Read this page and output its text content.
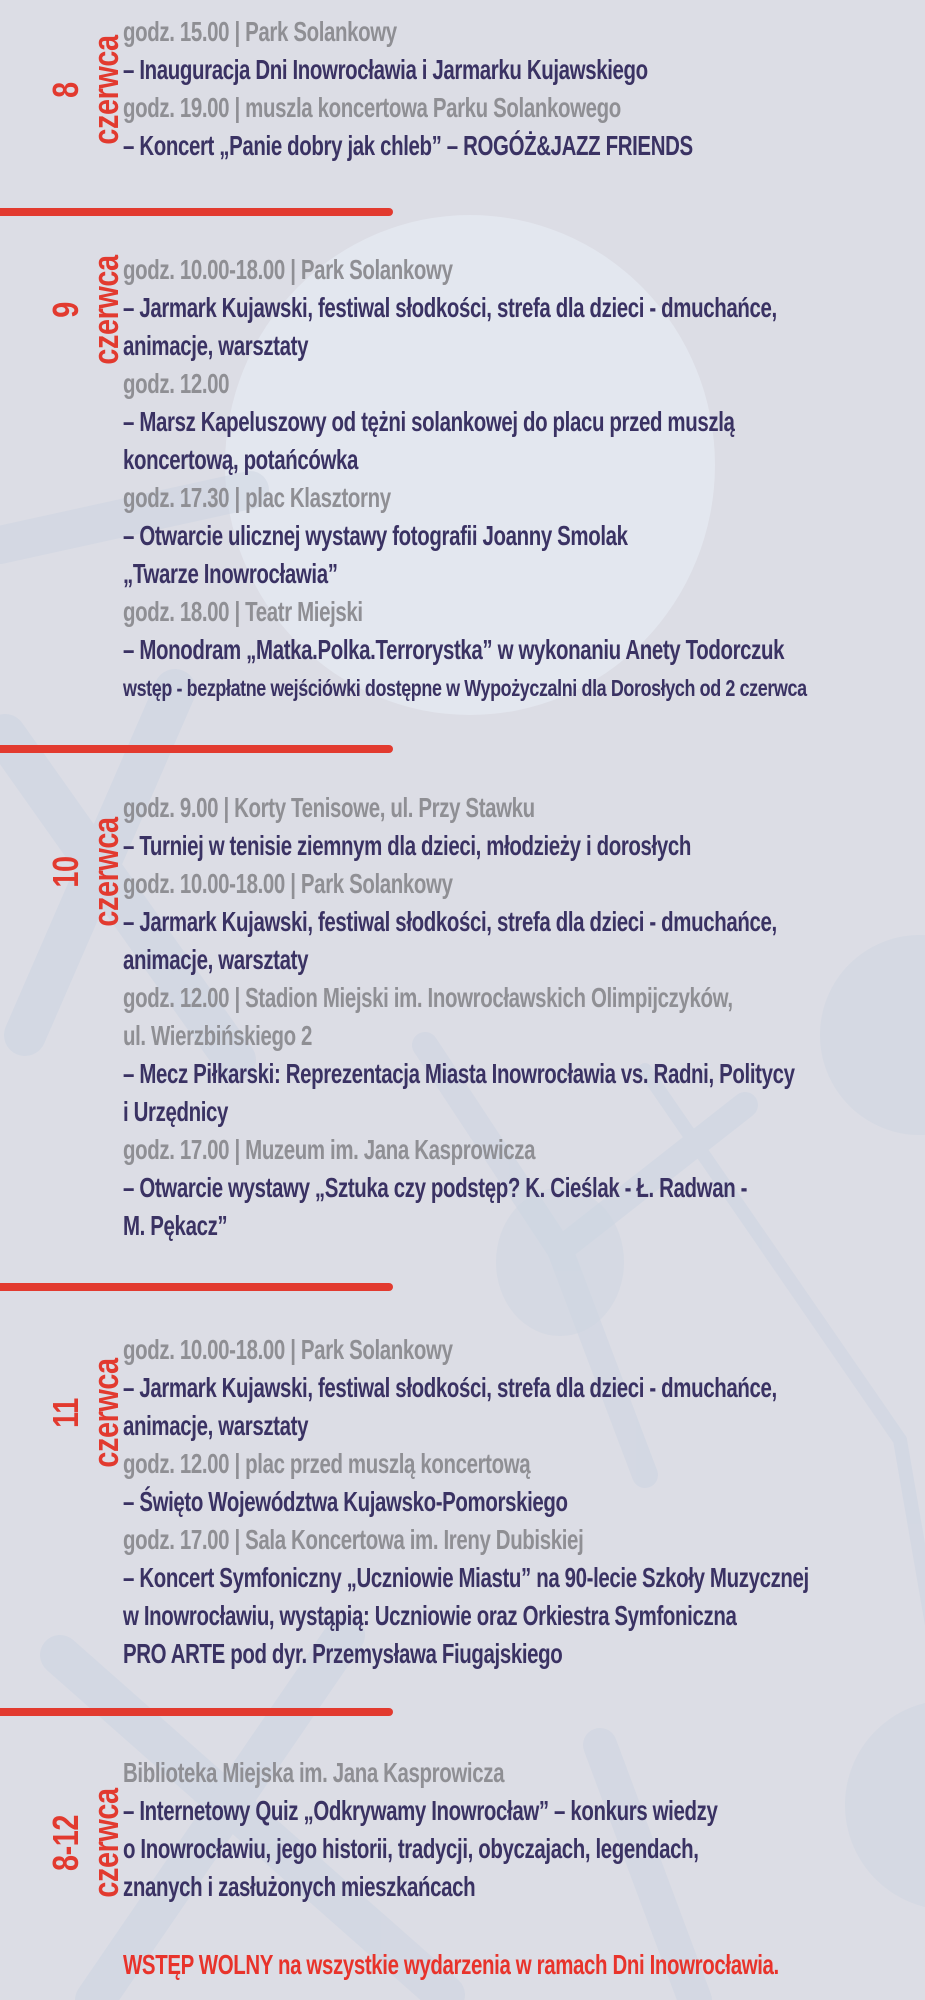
WSTĘP WOLNY na wszystkie wydarzenia w ramach Dni Inowrocławia.
8 czerwca
godz. 15.00 | Park Solankowy
– Inauguracja Dni Inowrocławia i Jarmarku Kujawskiego
godz. 19.00 | muszla koncertowa Parku Solankowego
– Koncert „Panie dobry jak chleb” – ROGÓŻ&JAZZ FRIENDS
9 czerwca
godz. 10.00-18.00 | Park Solankowy
– Jarmark Kujawski, festiwal słodkości, strefa dla dzieci - dmuchańce,
animacje, warsztaty
godz. 12.00
– Marsz Kapeluszowy od tężni solankowej do placu przed muszlą
koncertową, potańcówka
godz. 17.30 | plac Klasztorny
– Otwarcie ulicznej wystawy fotografii Joanny Smolak
„Twarze Inowrocławia”
godz. 18.00 | Teatr Miejski
– Monodram „Matka.Polka.Terrorystka” w wykonaniu Anety Todorczuk
wstęp - bezpłatne wejściówki dostępne w Wypożyczalni dla Dorosłych od 2 czerwca
10 czerwca
godz. 9.00 | Korty Tenisowe, ul. Przy Stawku
– Turniej w tenisie ziemnym dla dzieci, młodzieży i dorosłych
godz. 10.00-18.00 | Park Solankowy
– Jarmark Kujawski, festiwal słodkości, strefa dla dzieci - dmuchańce,
animacje, warsztaty
godz. 12.00 | Stadion Miejski im. Inowrocławskich Olimpijczyków,
ul. Wierzbińskiego 2
– Mecz Piłkarski: Reprezentacja Miasta Inowrocławia vs. Radni, Politycy
i Urzędnicy
godz. 17.00 | Muzeum im. Jana Kasprowicza
– Otwarcie wystawy „Sztuka czy podstęp? K. Cieślak - Ł. Radwan -
M. Pękacz”
11 czerwca
godz. 10.00-18.00 | Park Solankowy
– Jarmark Kujawski, festiwal słodkości, strefa dla dzieci - dmuchańce,
animacje, warsztaty
godz. 12.00 | plac przed muszlą koncertową
– Święto Województwa Kujawsko-Pomorskiego
godz. 17.00 | Sala Koncertowa im. Ireny Dubiskiej
– Koncert Symfoniczny „Uczniowie Miastu” na 90-lecie Szkoły Muzycznej
w Inowrocławiu, wystąpią: Uczniowie oraz Orkiestra Symfoniczna
PRO ARTE pod dyr. Przemysława Fiugajskiego
8-12 czerwca
Biblioteka Miejska im. Jana Kasprowicza
– Internetowy Quiz „Odkrywamy Inowrocław” – konkurs wiedzy
o Inowrocławiu, jego historii, tradycji, obyczajach, legendach,
znanych i zasłużonych mieszkańcach
